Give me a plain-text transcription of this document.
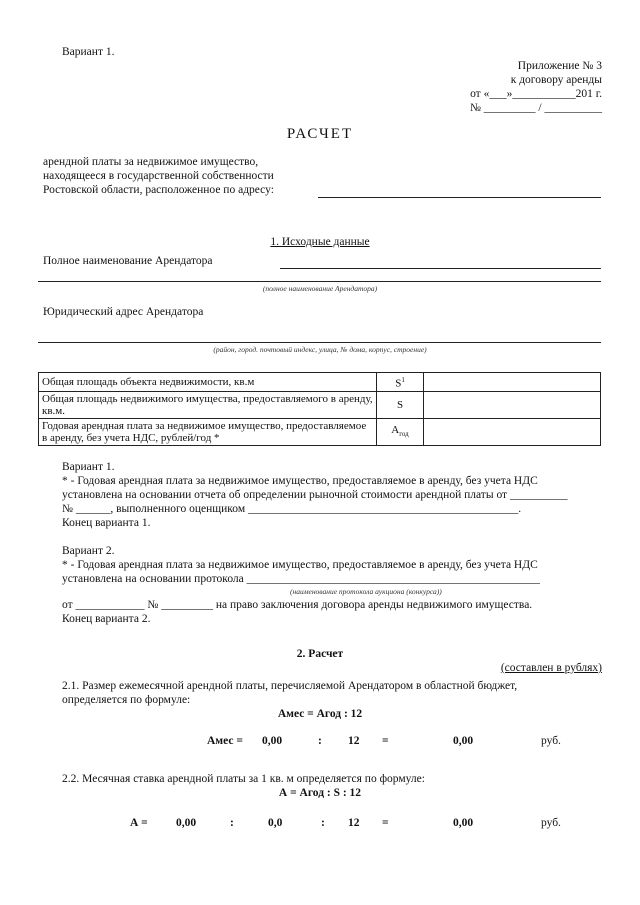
Вариант 1.
Приложение № 3
к договору аренды
от «___»___________201 г.
№ _________ / __________
РАСЧЕТ
арендной платы за недвижимое имущество,
находящееся в государственной собственности
Ростовской области, расположенное по адресу:
1. Исходные данные
Полное наименование Арендатора
(полное наименование Арендатора)
Юридический адрес Арендатора
(район, город. почтовый индекс, улица, № дома, корпус, строение)
Общая площадь объекта недвижимости, кв.м	$S^1$	
Общая площадь недвижимого имущества, предоставляемого в аренду, кв.м.	S	
Годовая арендная плата за недвижимое имущество, предоставляемое в аренду, без учета НДС, рублей/год *	$А_{год}$	
Вариант 1.
* - Годовая арендная плата за недвижимое имущество, предоставляемое в аренду, без учета НДС
установлена на основании отчета об определении рыночной стоимости арендной платы от __________
№ ______, выполненного оценщиком _______________________________________________.
Конец варианта 1.
Вариант 2.
* - Годовая арендная плата за недвижимое имущество, предоставляемое в аренду, без учета НДС
установлена на основании протокола ___________________________________________________
(наименование протокола аукциона (конкурса))
от ____________ № _________ на право заключения договора аренды недвижимого имущества.
Конец варианта 2.
2. Расчет
(составлен в рублях)
2.1. Размер ежемесячной арендной платы, перечисляемой Арендатором в областной бюджет,
определяется по формуле:
Амес = Агод : 12
Амес = 0,00	: 12 =	0,00	руб.
2.2. Месячная ставка арендной платы за 1 кв. м определяется по формуле:
А = Агод : S : 12
А = 0,00	:	0,0	: 12 =	0,00	руб.
